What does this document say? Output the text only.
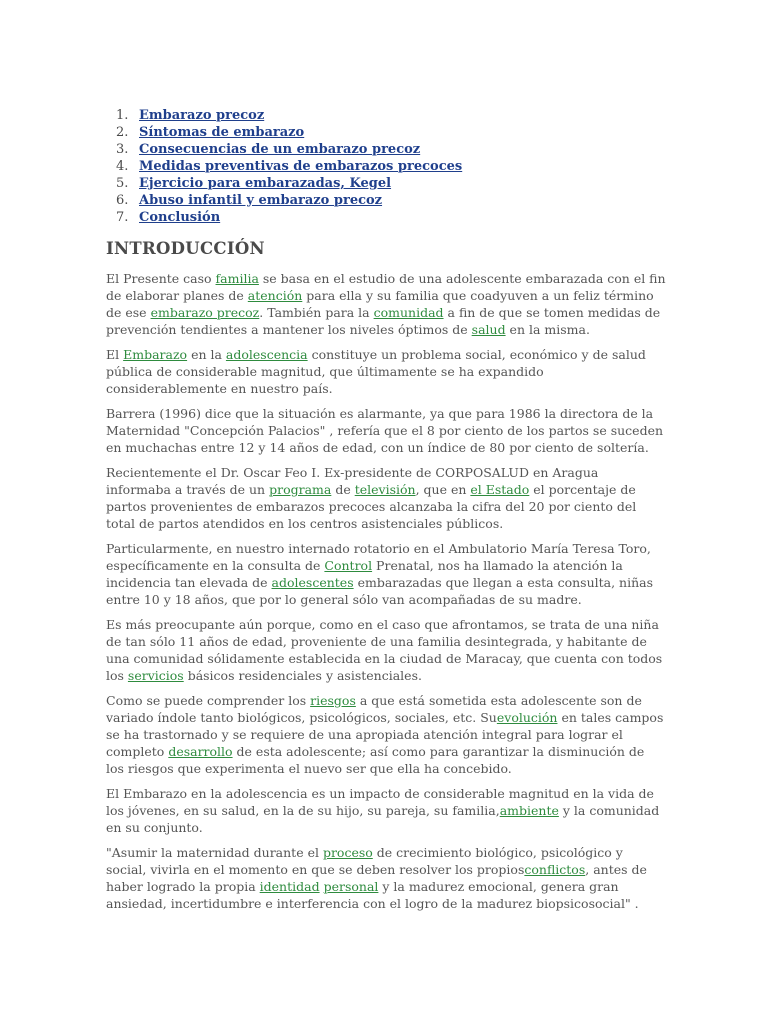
1. Embarazo precoz
2. Síntomas de embarazo
3. Consecuencias de un embarazo precoz
4. Medidas preventivas de embarazos precoces
5. Ejercicio para embarazadas, Kegel
6. Abuso infantil y embarazo precoz
7. Conclusión
INTRODUCCIÓN

El Presente caso familia se basa en el estudio de una adolescente embarazada con el fin de elaborar planes de atención para ella y su familia que coadyuven a un feliz término de ese embarazo precoz. También para la comunidad a fin de que se tomen medidas de prevención tendientes a mantener los niveles óptimos de salud en la misma.

El Embarazo en la adolescencia constituye un problema social, económico y de salud pública de considerable magnitud, que últimamente se ha expandido considerablemente en nuestro país.

Barrera (1996) dice que la situación es alarmante, ya que para 1986 la directora de la Maternidad "Concepción Palacios" , refería que el 8 por ciento de los partos se suceden en muchachas entre 12 y 14 años de edad, con un índice de 80 por ciento de soltería.

Recientemente el Dr. Oscar Feo I. Ex-presidente de CORPOSALUD en Aragua informaba a través de un programa de televisión, que en el Estado el porcentaje de partos provenientes de embarazos precoces alcanzaba la cifra del 20 por ciento del total de partos atendidos en los centros asistenciales públicos.

Particularmente, en nuestro internado rotatorio en el Ambulatorio María Teresa Toro, específicamente en la consulta de Control Prenatal, nos ha llamado la atención la incidencia tan elevada de adolescentes embarazadas que llegan a esta consulta, niñas entre 10 y 18 años, que por lo general sólo van acompañadas de su madre.

Es más preocupante aún porque, como en el caso que afrontamos, se trata de una niña de tan sólo 11 años de edad, proveniente de una familia desintegrada, y habitante de una comunidad sólidamente establecida en la ciudad de Maracay, que cuenta con todos los servicios básicos residenciales y asistenciales.

Como se puede comprender los riesgos a que está sometida esta adolescente son de variado índole tanto biológicos, psicológicos, sociales, etc. Suevolución en tales campos se ha trastornado y se requiere de una apropiada atención integral para lograr el completo desarrollo de esta adolescente; así como para garantizar la disminución de los riesgos que experimenta el nuevo ser que ella ha concebido.

El Embarazo en la adolescencia es un impacto de considerable magnitud en la vida de los jóvenes, en su salud, en la de su hijo, su pareja, su familia,ambiente y la comunidad en su conjunto.

"Asumir la maternidad durante el proceso de crecimiento biológico, psicológico y social, vivirla en el momento en que se deben resolver los propiosconflictos, antes de haber logrado la propia identidad personal y la madurez emocional, genera gran ansiedad, incertidumbre e interferencia con el logro de la madurez biopsicosocial" .
